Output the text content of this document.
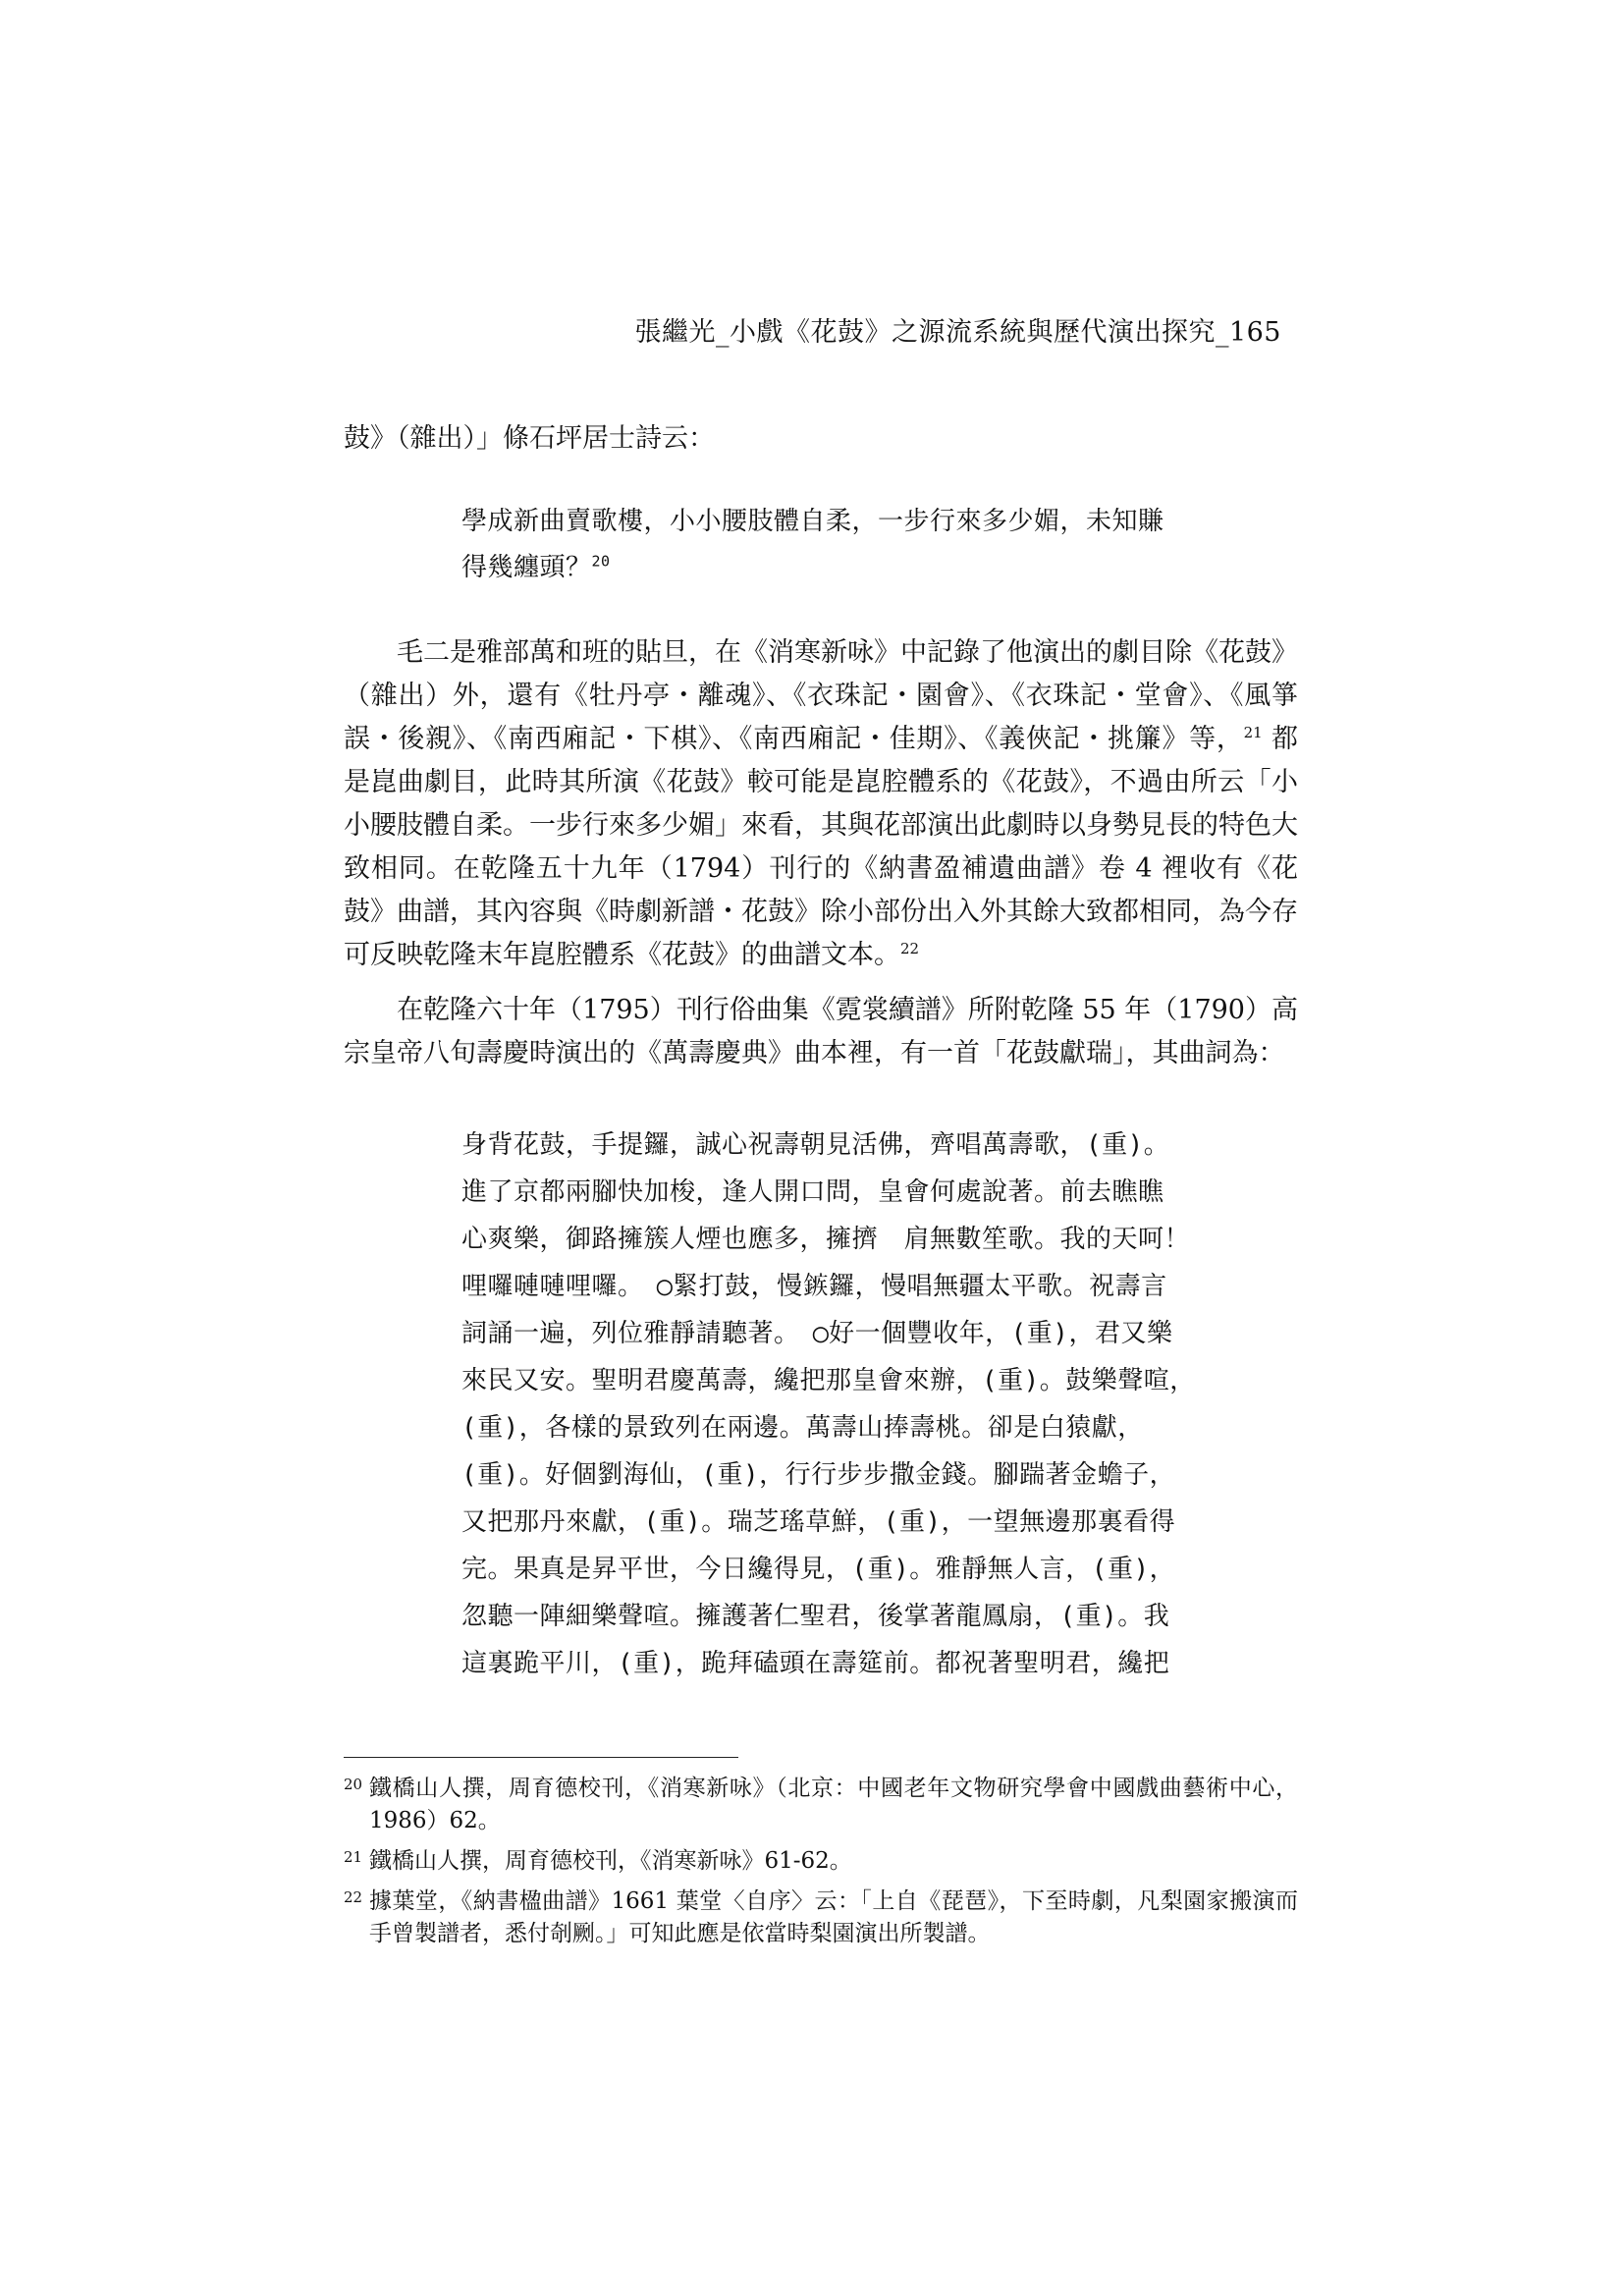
張繼光_小戲《花鼓》之源流系統與歷代演出探究_165
鼓》（雜出）」條石坪居士詩云：

學成新曲賣歌樓，小小腰肢體自柔，一步行來多少媚，未知賺

得幾纏頭？$^{20}$

毛二是雅部萬和班的貼旦，在《消寒新咏》中記錄了他演出的劇目除《花鼓》（雜出）外，還有《牡丹亭・離魂》、《衣珠記・園會》、《衣珠記・堂會》、《風箏誤・後親》、《南西廂記・下棋》、《南西廂記・佳期》、《義俠記・挑簾》等，$^{21}$ 都是崑曲劇目，此時其所演《花鼓》較可能是崑腔體系的《花鼓》，不過由所云「小小腰肢體自柔。一步行來多少媚」來看，其與花部演出此劇時以身勢見長的特色大致相同。在乾隆五十九年（1794）刊行的《納書盈補遺曲譜》卷 4 裡收有《花鼓》曲譜，其內容與《時劇新譜・花鼓》除小部份出入外其餘大致都相同，為今存可反映乾隆末年崑腔體系《花鼓》的曲譜文本。$^{22}$

在乾隆六十年（1795）刊行俗曲集《霓裳續譜》所附乾隆 55 年（1790）高宗皇帝八旬壽慶時演出的《萬壽慶典》曲本裡，有一首「花鼓獻瑞」，其曲詞為：

身背花鼓，手提鑼，誠心祝壽朝見活佛，齊唱萬壽歌，(重)。

進了京都兩腳快加梭，逢人開口問，皇會何處說著。前去瞧瞧

心爽樂，御路擁簇人煙也應多，擁擠　肩無數笙歌。我的天呵！

哩囉嗹嗹哩囉。　◯緊打鼓，慢𨪏鑼，慢唱無疆太平歌。祝壽言

詞誦一遍，列位雅靜請聽著。　◯好一個豐收年，(重)，君又樂

來民又安。聖明君慶萬壽，纔把那皇會來辦，(重)。鼓樂聲喧，

(重)，各樣的景致列在兩邊。萬壽山捧壽桃。卻是白猿獻，

(重)。好個劉海仙，(重)，行行步步撒金錢。腳踹著金蟾子，

又把那丹來獻，(重)。瑞芝瑤草鮮，(重)，一望無邊那裏看得

完。果真是昇平世，今日纔得見，(重)。雅靜無人言，(重)，

忽聽一陣細樂聲喧。擁護著仁聖君，後掌著龍鳳扇，(重)。我

這裏跪平川，(重)，跪拜磕頭在壽筵前。都祝著聖明君，纔把

20 鐵橋山人撰，周育德校刊，《消寒新咏》（北京：中國老年文物研究學會中國戲曲藝術中心，1986）62。
21 鐵橋山人撰，周育德校刊，《消寒新咏》61-62。
22 據葉堂，《納書楹曲譜》1661 葉堂〈自序〉云：「上自《琵琶》，下至時劇，凡梨園家搬演而手曾製譜者，悉付剞劂。」可知此應是依當時梨園演出所製譜。
